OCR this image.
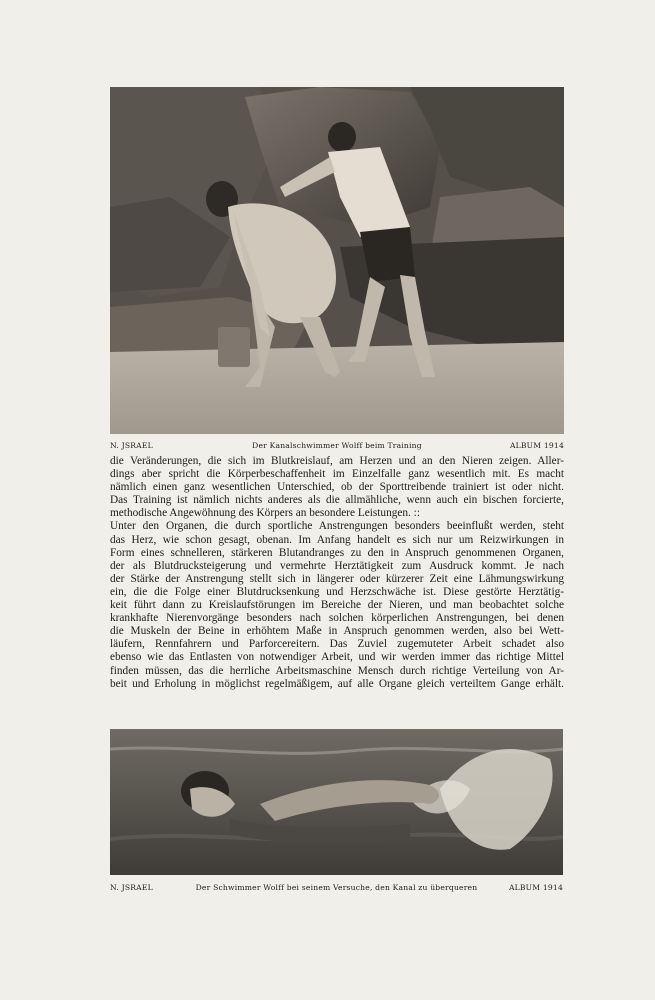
N. JSRAEL	Der Kanalschwimmer Wolff beim Training	ALBUM 1914
die Veränderungen, die sich im Blutkreislauf, am Herzen und an den Nieren zeigen. Aller-
dings aber spricht die Körperbeschaffenheit im Einzelfalle ganz wesentlich mit. Es macht
nämlich einen ganz wesentlichen Unterschied, ob der Sporttreibende trainiert ist oder nicht.
Das Training ist nämlich nichts anderes als die allmähliche, wenn auch ein bischen forcierte,
methodische Angewöhnung des Körpers an besondere Leistungen. ::
Unter den Organen, die durch sportliche Anstrengungen besonders beeinflußt werden, steht
das Herz, wie schon gesagt, obenan. Im Anfang handelt es sich nur um Reizwirkungen in
Form eines schnelleren, stärkeren Blutandranges zu den in Anspruch genommenen Organen,
der als Blutdrucksteigerung und vermehrte Herztätigkeit zum Ausdruck kommt. Je nach
der Stärke der Anstrengung stellt sich in längerer oder kürzerer Zeit eine Lähmungswirkung
ein, die die Folge einer Blutdrucksenkung und Herzschwäche ist. Diese gestörte Herztätig-
keit führt dann zu Kreislaufstörungen im Bereiche der Nieren, und man beobachtet solche
krankhafte Nierenvorgänge besonders nach solchen körperlichen Anstrengungen, bei denen
die Muskeln der Beine in erhöhtem Maße in Anspruch genommen werden, also bei Wett-
läufern, Rennfahrern und Parforcereitern. Das Zuviel zugemuteter Arbeit schadet also
ebenso wie das Entlasten von notwendiger Arbeit, und wir werden immer das richtige Mittel
finden müssen, das die herrliche Arbeitsmaschine Mensch durch richtige Verteilung von Ar-
beit und Erholung in möglichst regelmäßigem, auf alle Organe gleich verteiltem Gange erhält.
N. JSRAEL	Der Schwimmer Wolff bei seinem Versuche, den Kanal zu überqueren	ALBUM 1914
